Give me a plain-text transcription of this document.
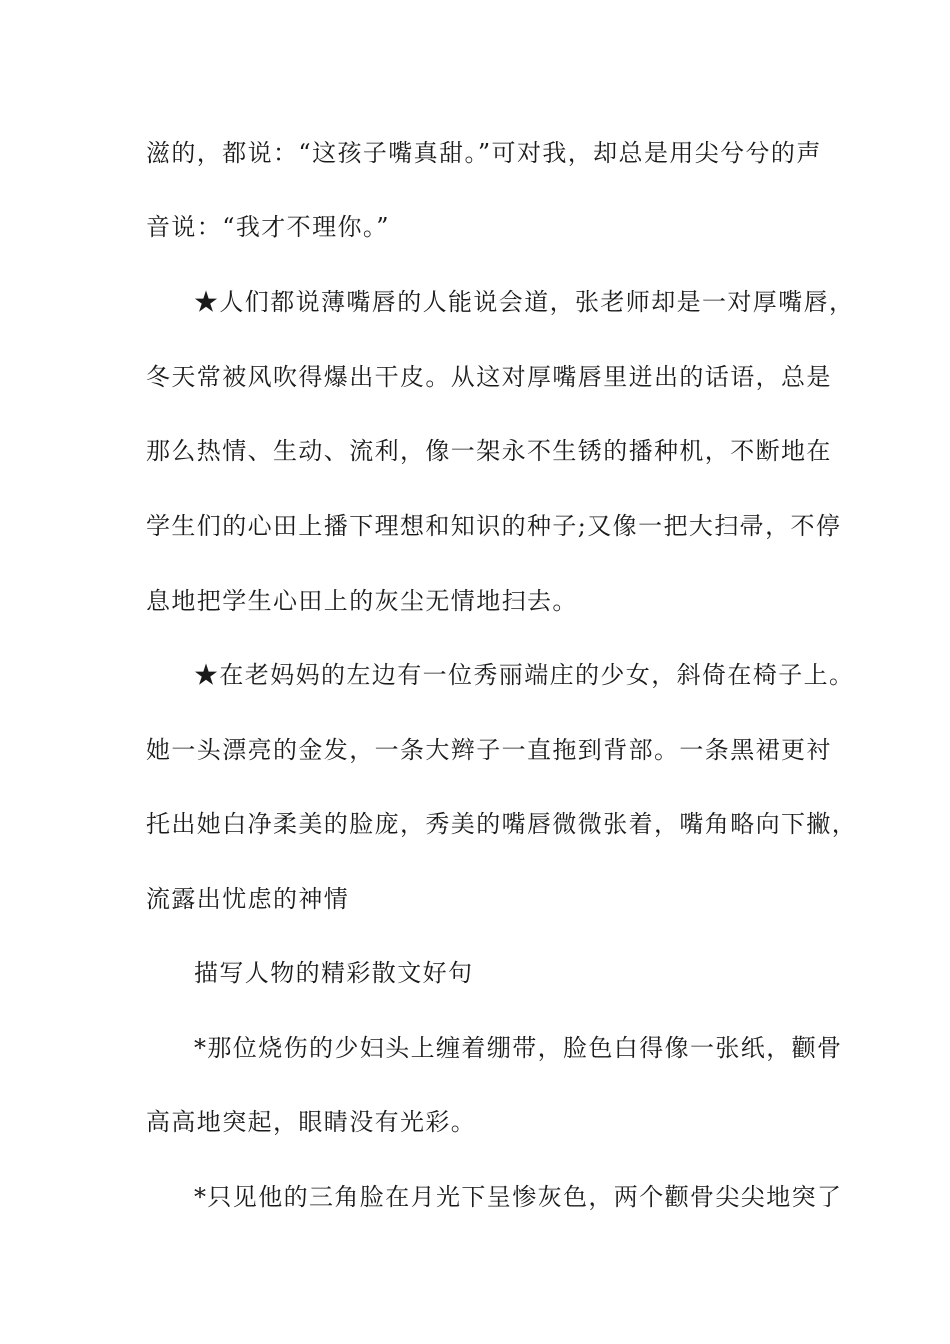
滋的，都说：“这孩子嘴真甜。”可对我，却总是用尖兮兮的声
音说：“我才不理你。”
★人们都说薄嘴唇的人能说会道，张老师却是一对厚嘴唇，
冬天常被风吹得爆出干皮。从这对厚嘴唇里迸出的话语，总是
那么热情、生动、流利，像一架永不生锈的播种机，不断地在
学生们的心田上播下理想和知识的种子;又像一把大扫帚，不停
息地把学生心田上的灰尘无情地扫去。
★在老妈妈的左边有一位秀丽端庄的少女，斜倚在椅子上。
她一头漂亮的金发，一条大辫子一直拖到背部。一条黑裙更衬
托出她白净柔美的脸庞，秀美的嘴唇微微张着，嘴角略向下撇，
流露出忧虑的神情
描写人物的精彩散文好句
*那位烧伤的少妇头上缠着绷带，脸色白得像一张纸，颧骨
高高地突起，眼睛没有光彩。
*只见他的三角脸在月光下呈惨灰色，两个颧骨尖尖地突了
